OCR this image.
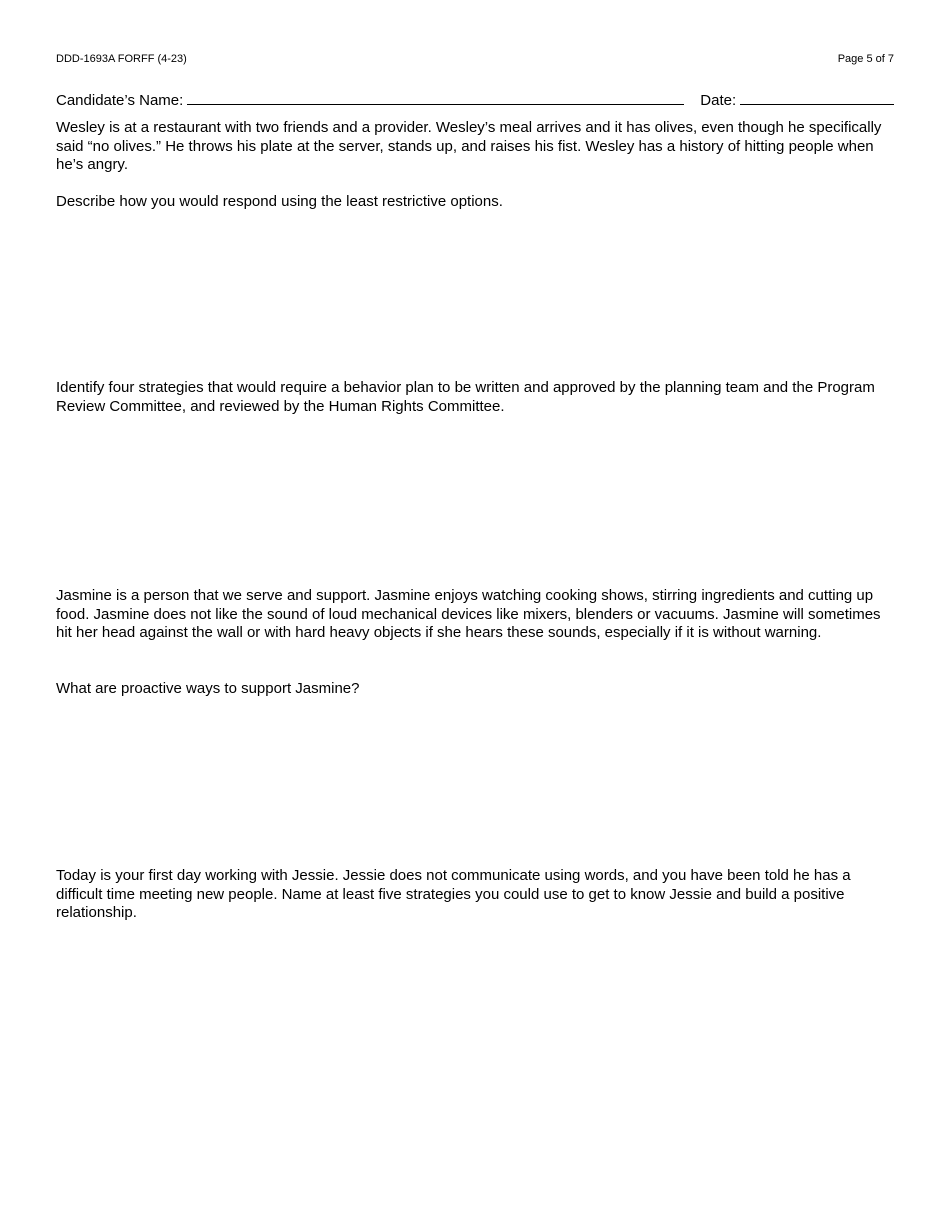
DDD-1693A FORFF (4-23)	Page 5 of 7
Candidate’s Name:	Date:

Wesley is at a restaurant with two friends and a provider. Wesley’s meal arrives and it has olives, even though he specifically said “no olives.” He throws his plate at the server, stands up, and raises his fist. Wesley has a history of hitting people when he’s angry.

Describe how you would respond using the least restrictive options.

Identify four strategies that would require a behavior plan to be written and approved by the planning team and the Program Review Committee, and reviewed by the Human Rights Committee.

Jasmine is a person that we serve and support. Jasmine enjoys watching cooking shows, stirring ingredients and cutting up food. Jasmine does not like the sound of loud mechanical devices like mixers, blenders or vacuums. Jasmine will sometimes hit her head against the wall or with hard heavy objects if she hears these sounds, especially if it is without warning.

What are proactive ways to support Jasmine?

Today is your first day working with Jessie. Jessie does not communicate using words, and you have been told he has a difficult time meeting new people. Name at least five strategies you could use to get to know Jessie and build a positive relationship.
